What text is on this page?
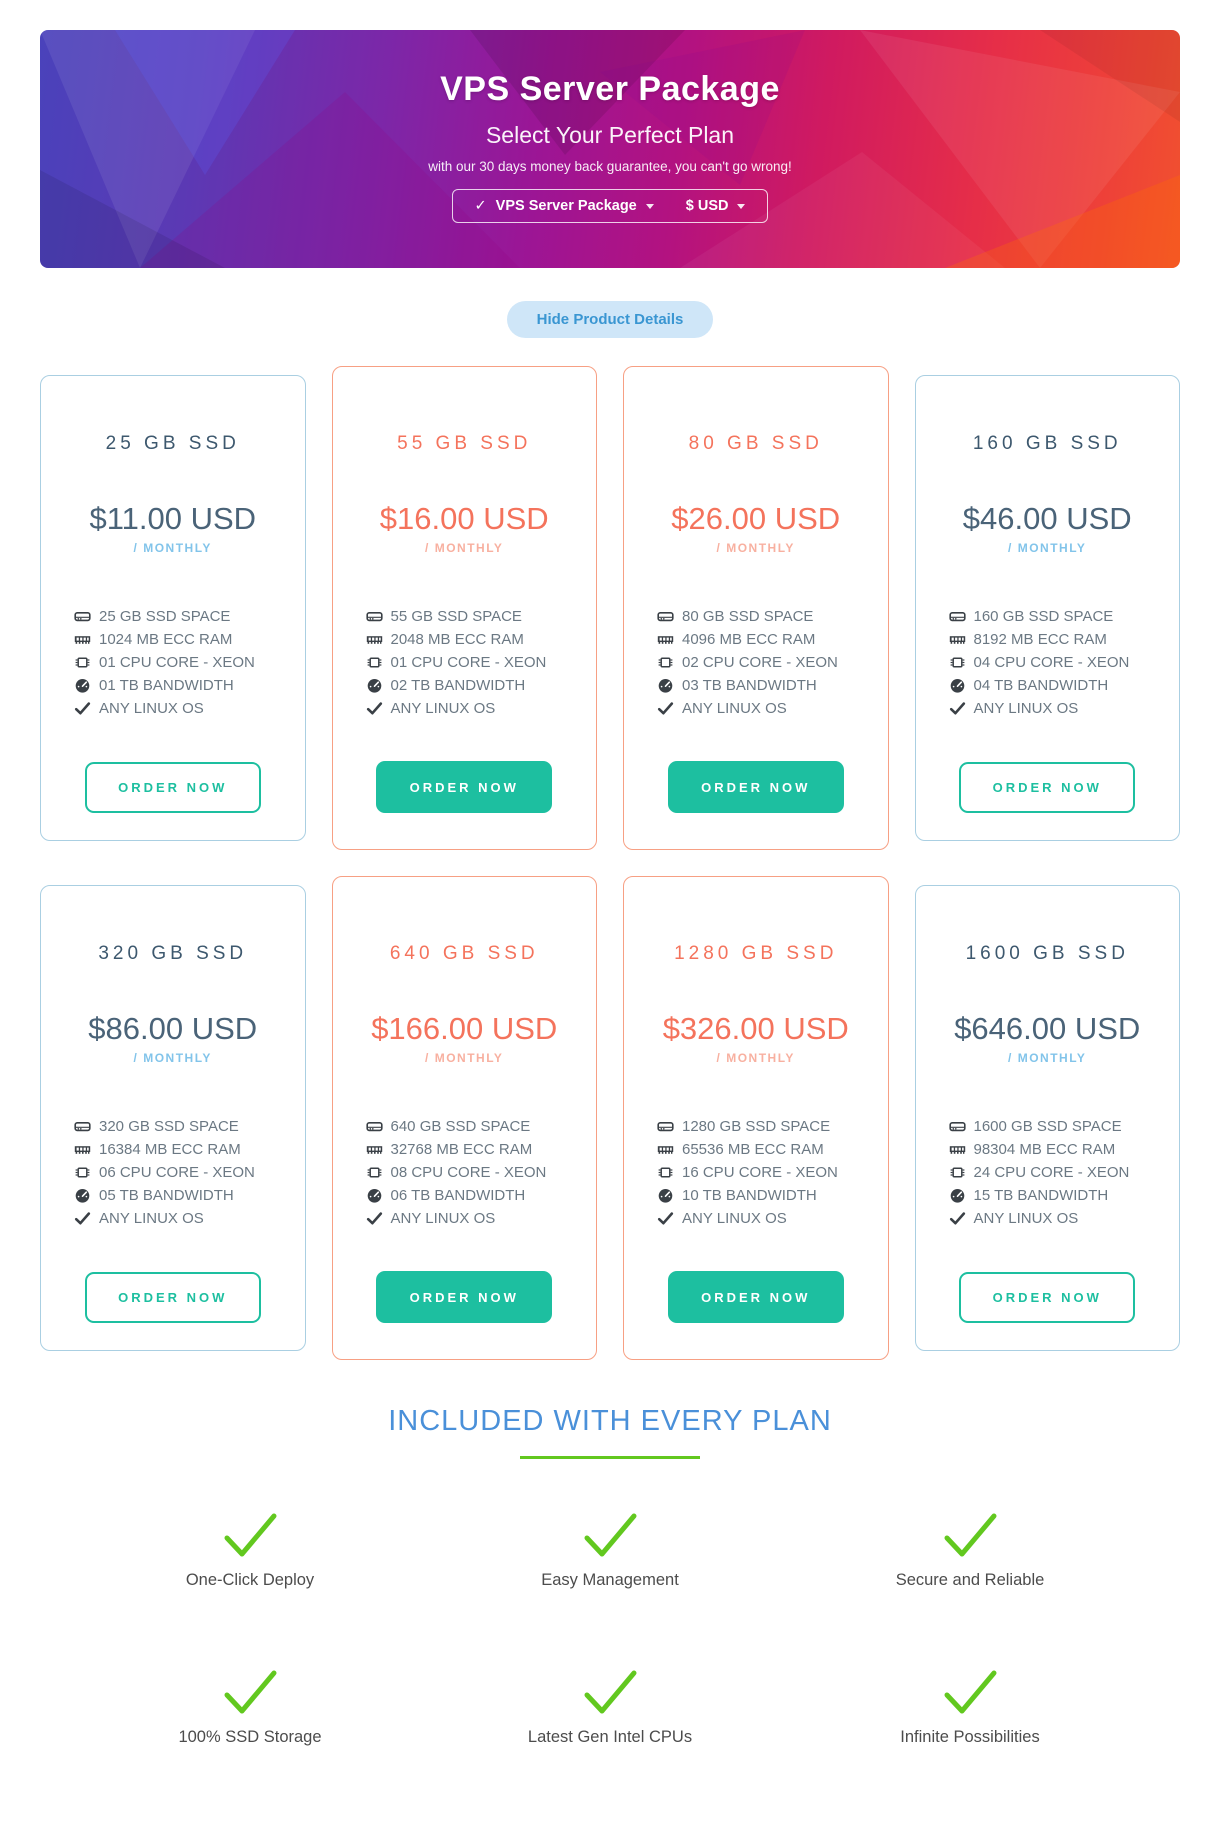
VPS Server Package
Select Your Perfect Plan
with our 30 days money back guarantee, you can't go wrong!
✓ VPS Server Package	$ USD
Hide Product Details
25 GB SSD
$11.00 USD
/ MONTHLY
25 GB SSD SPACE
1024 MB ECC RAM
01 CPU CORE - XEON
01 TB BANDWIDTH
ANY LINUX OS
ORDER NOW
55 GB SSD
$16.00 USD
/ MONTHLY
55 GB SSD SPACE
2048 MB ECC RAM
01 CPU CORE - XEON
02 TB BANDWIDTH
ANY LINUX OS
ORDER NOW
80 GB SSD
$26.00 USD
/ MONTHLY
80 GB SSD SPACE
4096 MB ECC RAM
02 CPU CORE - XEON
03 TB BANDWIDTH
ANY LINUX OS
ORDER NOW
160 GB SSD
$46.00 USD
/ MONTHLY
160 GB SSD SPACE
8192 MB ECC RAM
04 CPU CORE - XEON
04 TB BANDWIDTH
ANY LINUX OS
ORDER NOW
320 GB SSD
$86.00 USD
/ MONTHLY
320 GB SSD SPACE
16384 MB ECC RAM
06 CPU CORE - XEON
05 TB BANDWIDTH
ANY LINUX OS
ORDER NOW
640 GB SSD
$166.00 USD
/ MONTHLY
640 GB SSD SPACE
32768 MB ECC RAM
08 CPU CORE - XEON
06 TB BANDWIDTH
ANY LINUX OS
ORDER NOW
1280 GB SSD
$326.00 USD
/ MONTHLY
1280 GB SSD SPACE
65536 MB ECC RAM
16 CPU CORE - XEON
10 TB BANDWIDTH
ANY LINUX OS
ORDER NOW
1600 GB SSD
$646.00 USD
/ MONTHLY
1600 GB SSD SPACE
98304 MB ECC RAM
24 CPU CORE - XEON
15 TB BANDWIDTH
ANY LINUX OS
ORDER NOW
INCLUDED WITH EVERY PLAN
One-Click Deploy	Easy Management	Secure and Reliable
100% SSD Storage	Latest Gen Intel CPUs	Infinite Possibilities
